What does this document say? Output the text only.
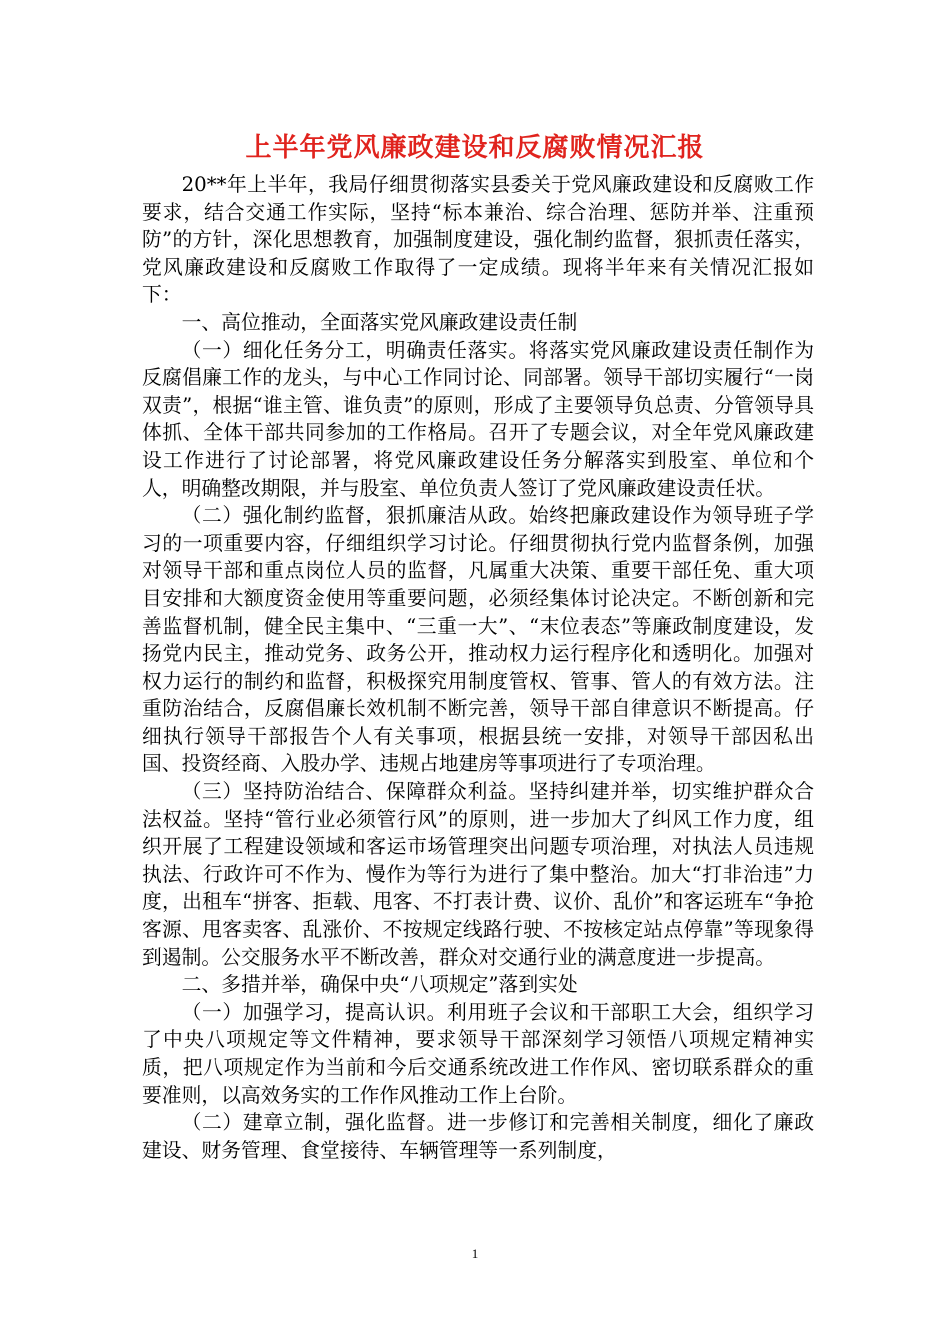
上半年党风廉政建设和反腐败情况汇报

20**年上半年，我局仔细贯彻落实县委关于党风廉政建设和反腐败工作要求，结合交通工作实际，坚持“标本兼治、综合治理、惩防并举、注重预防”的方针，深化思想教育，加强制度建设，强化制约监督，狠抓责任落实，党风廉政建设和反腐败工作取得了一定成绩。现将半年来有关情况汇报如下：

一、高位推动，全面落实党风廉政建设责任制

（一）细化任务分工，明确责任落实。将落实党风廉政建设责任制作为反腐倡廉工作的龙头，与中心工作同讨论、同部署。领导干部切实履行“一岗双责”，根据“谁主管、谁负责”的原则，形成了主要领导负总责、分管领导具体抓、全体干部共同参加的工作格局。召开了专题会议，对全年党风廉政建设工作进行了讨论部署，将党风廉政建设任务分解落实到股室、单位和个人，明确整改期限，并与股室、单位负责人签订了党风廉政建设责任状。

（二）强化制约监督，狠抓廉洁从政。始终把廉政建设作为领导班子学习的一项重要内容，仔细组织学习讨论。仔细贯彻执行党内监督条例，加强对领导干部和重点岗位人员的监督，凡属重大决策、重要干部任免、重大项目安排和大额度资金使用等重要问题，必须经集体讨论决定。不断创新和完善监督机制，健全民主集中、“三重一大”、“末位表态”等廉政制度建设，发扬党内民主，推动党务、政务公开，推动权力运行程序化和透明化。加强对权力运行的制约和监督，积极探究用制度管权、管事、管人的有效方法。注重防治结合，反腐倡廉长效机制不断完善，领导干部自律意识不断提高。仔细执行领导干部报告个人有关事项，根据县统一安排，对领导干部因私出国、投资经商、入股办学、违规占地建房等事项进行了专项治理。

（三）坚持防治结合、保障群众利益。坚持纠建并举，切实维护群众合法权益。坚持“管行业必须管行风”的原则，进一步加大了纠风工作力度，组织开展了工程建设领域和客运市场管理突出问题专项治理，对执法人员违规执法、行政许可不作为、慢作为等行为进行了集中整治。加大“打非治违”力度，出租车“拼客、拒载、甩客、不打表计费、议价、乱价”和客运班车“争抢客源、甩客卖客、乱涨价、不按规定线路行驶、不按核定站点停靠”等现象得到遏制。公交服务水平不断改善，群众对交通行业的满意度进一步提高。

二、多措并举，确保中央“八项规定”落到实处

（一）加强学习，提高认识。利用班子会议和干部职工大会，组织学习了中央八项规定等文件精神，要求领导干部深刻学习领悟八项规定精神实质，把八项规定作为当前和今后交通系统改进工作作风、密切联系群众的重要准则，以高效务实的工作作风推动工作上台阶。

（二）建章立制，强化监督。进一步修订和完善相关制度，细化了廉政建设、财务管理、食堂接待、车辆管理等一系列制度，

1
